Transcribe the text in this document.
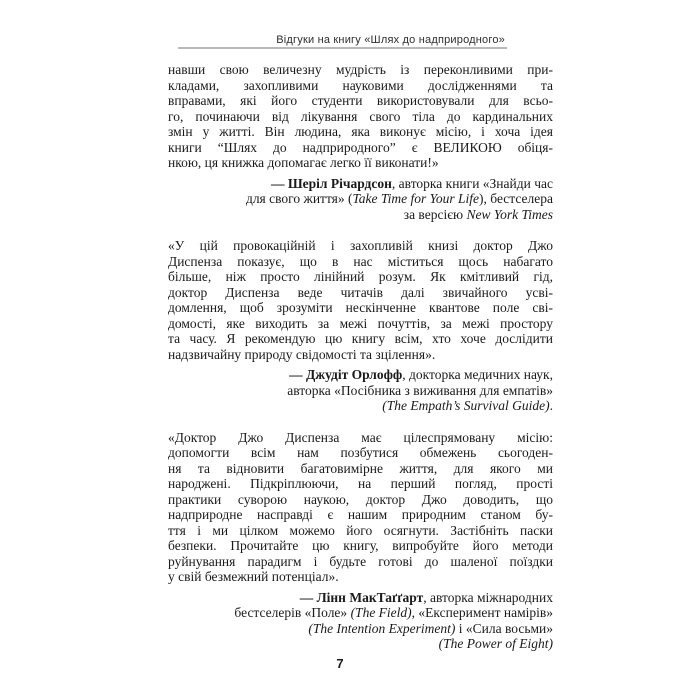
Відгуки на книгу «Шлях до надприродного»
навши свою величезну мудрість із переконливими при-
кладами, захопливими науковими дослідженнями та
вправами, які його студенти використовували для всьо-
го, починаючи від лікування свого тіла до кардинальних
змін у житті. Він людина, яка виконує місію, і хоча ідея
книги “Шлях до надприродного” є ВЕЛИКОЮ обіця-
нкою, ця книжка допомагає легко її виконати!»
— Шеріл Річардсон, авторка книги «Знайди час
для свого життя» (Take Time for Your Life), бестселера
за версією New York Times
«У цій провокаційній і захопливій книзі доктор Джо
Диспенза показує, що в нас міститься щось набагато
більше, ніж просто лінійний розум. Як кмітливий гід,
доктор Диспенза веде читачів далі звичайного усві-
домлення, щоб зрозуміти нескінченне квантове поле сві-
домості, яке виходить за межі почуттів, за межі простору
та часу. Я рекомендую цю книгу всім, хто хоче дослідити
надзвичайну природу свідомості та зцілення».
— Джудіт Орлофф, докторка медичних наук,
авторка «Посібника з виживання для емпатів»
(The Empath’s Survival Guide).
«Доктор Джо Диспенза має цілеспрямовану місію:
допомогти всім нам позбутися обмежень сьогоден-
ня та відновити багатовимірне життя, для якого ми
народжені. Підкріплюючи, на перший погляд, прості
практики суворою наукою, доктор Джо доводить, що
надприродне насправді є нашим природним станом бу-
ття і ми цілком можемо його осягнути. Застібніть паски
безпеки. Прочитайте цю книгу, випробуйте його методи
руйнування парадигм і будьте готові до шаленої поїздки
у свій безмежний потенціал».
— Лінн МакТаґґарт, авторка міжнародних
бестселерів «Поле» (The Field), «Експеримент намірів»
(The Intention Experiment) і «Сила восьми»
(The Power of Eight)
7
